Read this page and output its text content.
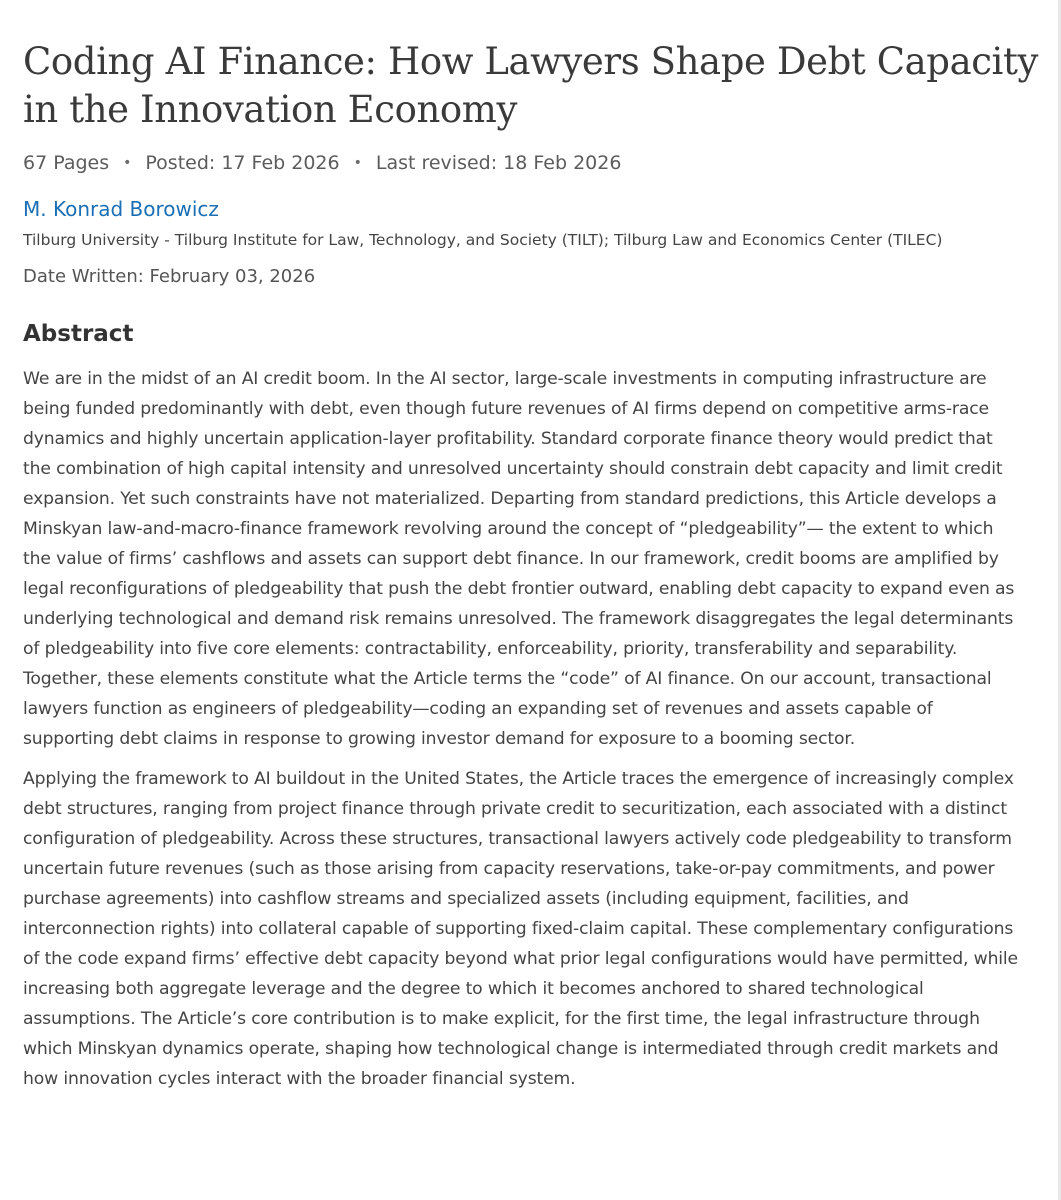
Coding AI Finance: How Lawyers Shape Debt Capacity in the Innovation Economy
67 Pages • Posted: 17 Feb 2026 • Last revised: 18 Feb 2026
M. Konrad Borowicz
Tilburg University - Tilburg Institute for Law, Technology, and Society (TILT); Tilburg Law and Economics Center (TILEC)
Date Written: February 03, 2026
Abstract

We are in the midst of an AI credit boom. In the AI sector, large-scale investments in computing infrastructure are being funded predominantly with debt, even though future revenues of AI firms depend on competitive arms-race dynamics and highly uncertain application-layer profitability. Standard corporate finance theory would predict that the combination of high capital intensity and unresolved uncertainty should constrain debt capacity and limit credit expansion. Yet such constraints have not materialized. Departing from standard predictions, this Article develops a Minskyan law-and-macro-finance framework revolving around the concept of “pledgeability”— the extent to which the value of firms’ cashflows and assets can support debt finance. In our framework, credit booms are amplified by legal reconfigurations of pledgeability that push the debt frontier outward, enabling debt capacity to expand even as underlying technological and demand risk remains unresolved. The framework disaggregates the legal determinants of pledgeability into five core elements: contractability, enforceability, priority, transferability and separability. Together, these elements constitute what the Article terms the “code” of AI finance. On our account, transactional lawyers function as engineers of pledgeability—coding an expanding set of revenues and assets capable of supporting debt claims in response to growing investor demand for exposure to a booming sector.

Applying the framework to AI buildout in the United States, the Article traces the emergence of increasingly complex debt structures, ranging from project finance through private credit to securitization, each associated with a distinct configuration of pledgeability. Across these structures, transactional lawyers actively code pledgeability to transform uncertain future revenues (such as those arising from capacity reservations, take-or-pay commitments, and power purchase agreements) into cashflow streams and specialized assets (including equipment, facilities, and interconnection rights) into collateral capable of supporting fixed-claim capital. These complementary configurations of the code expand firms’ effective debt capacity beyond what prior legal configurations would have permitted, while increasing both aggregate leverage and the degree to which it becomes anchored to shared technological assumptions. The Article’s core contribution is to make explicit, for the first time, the legal infrastructure through which Minskyan dynamics operate, shaping how technological change is intermediated through credit markets and how innovation cycles interact with the broader financial system.
